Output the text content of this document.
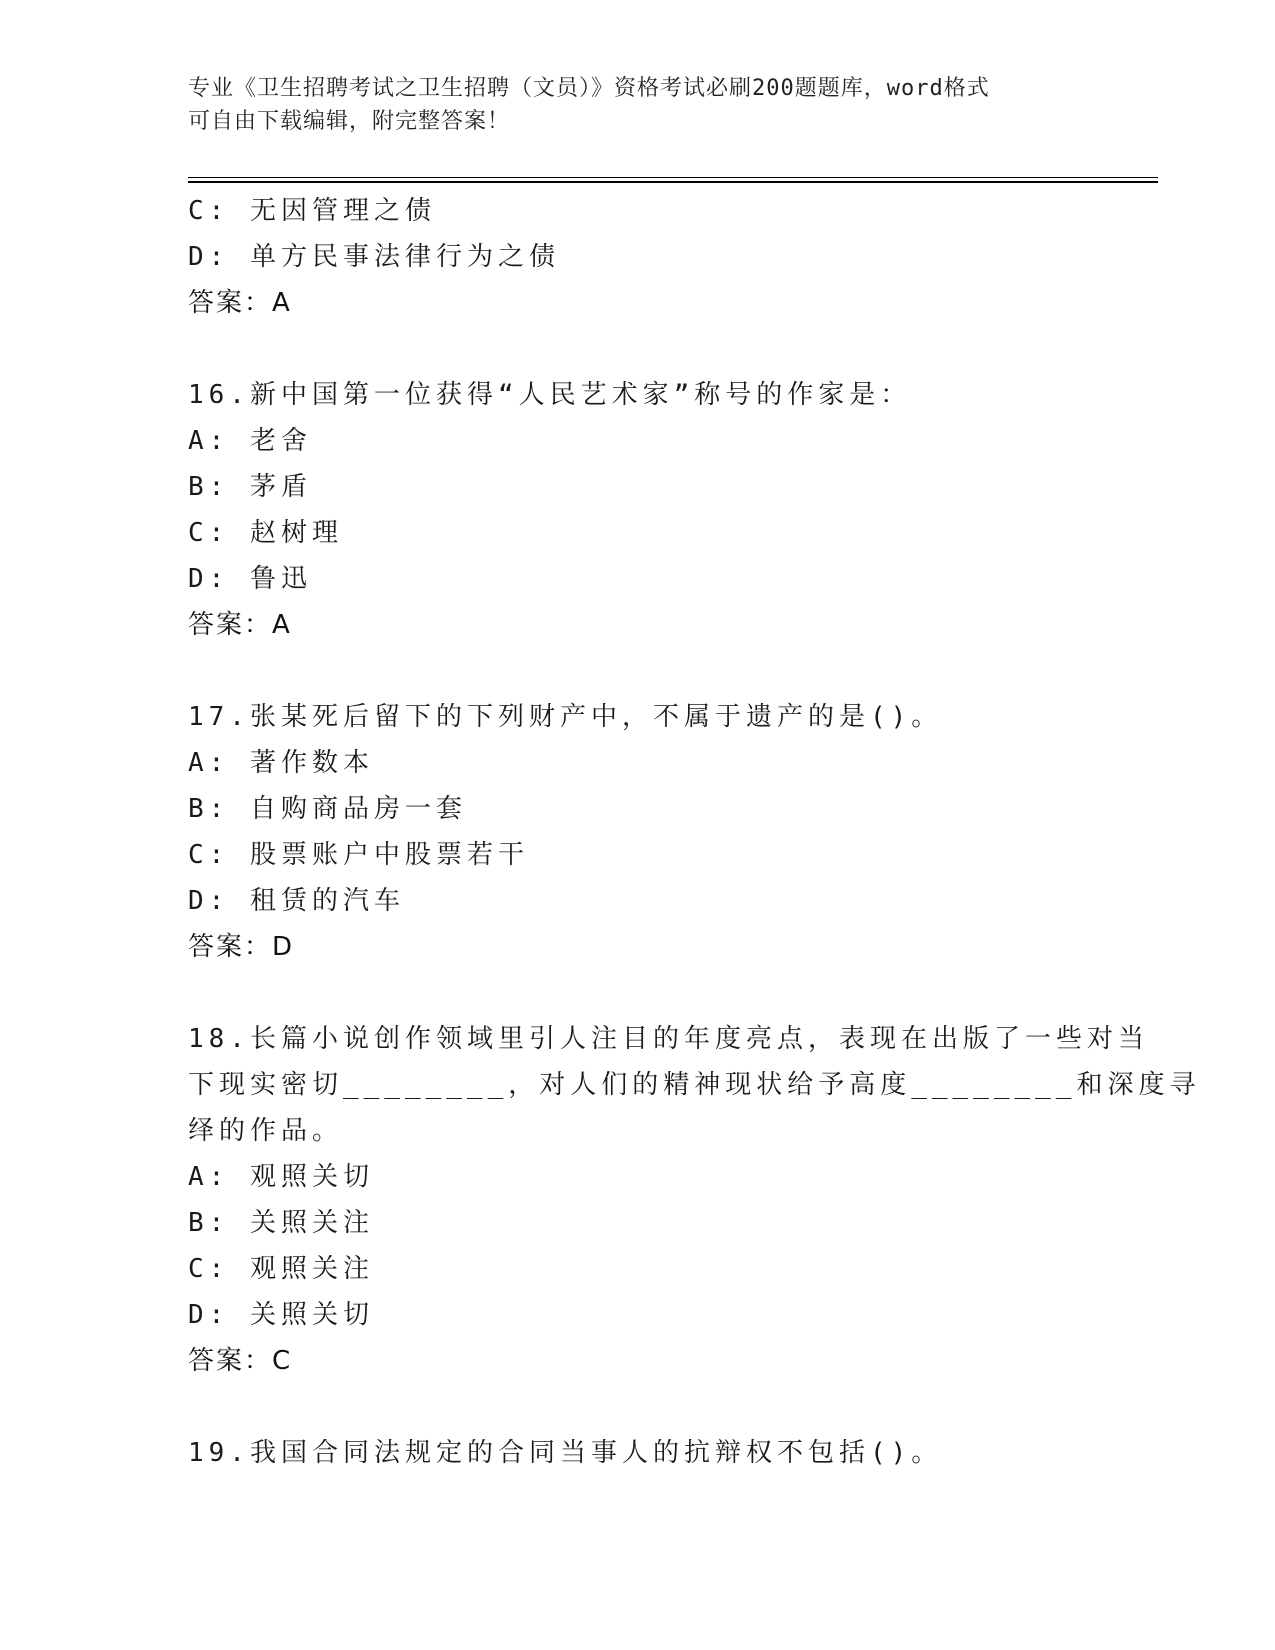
专业《卫生招聘考试之卫生招聘（文员）》资格考试必刷200题题库，word格式
可自由下载编辑，附完整答案！
C: 无因管理之债
D: 单方民事法律行为之债
答案：A
16.新中国第一位获得“人民艺术家”称号的作家是：
A: 老舍
B: 茅盾
C: 赵树理
D: 鲁迅
答案：A
17.张某死后留下的下列财产中，不属于遗产的是()。
A: 著作数本
B: 自购商品房一套
C: 股票账户中股票若干
D: 租赁的汽车
答案：D
18.长篇小说创作领域里引人注目的年度亮点，表现在出版了一些对当
下现实密切________，对人们的精神现状给予高度________和深度寻
绎的作品。
A: 观照关切
B: 关照关注
C: 观照关注
D: 关照关切
答案：C
19.我国合同法规定的合同当事人的抗辩权不包括()。
